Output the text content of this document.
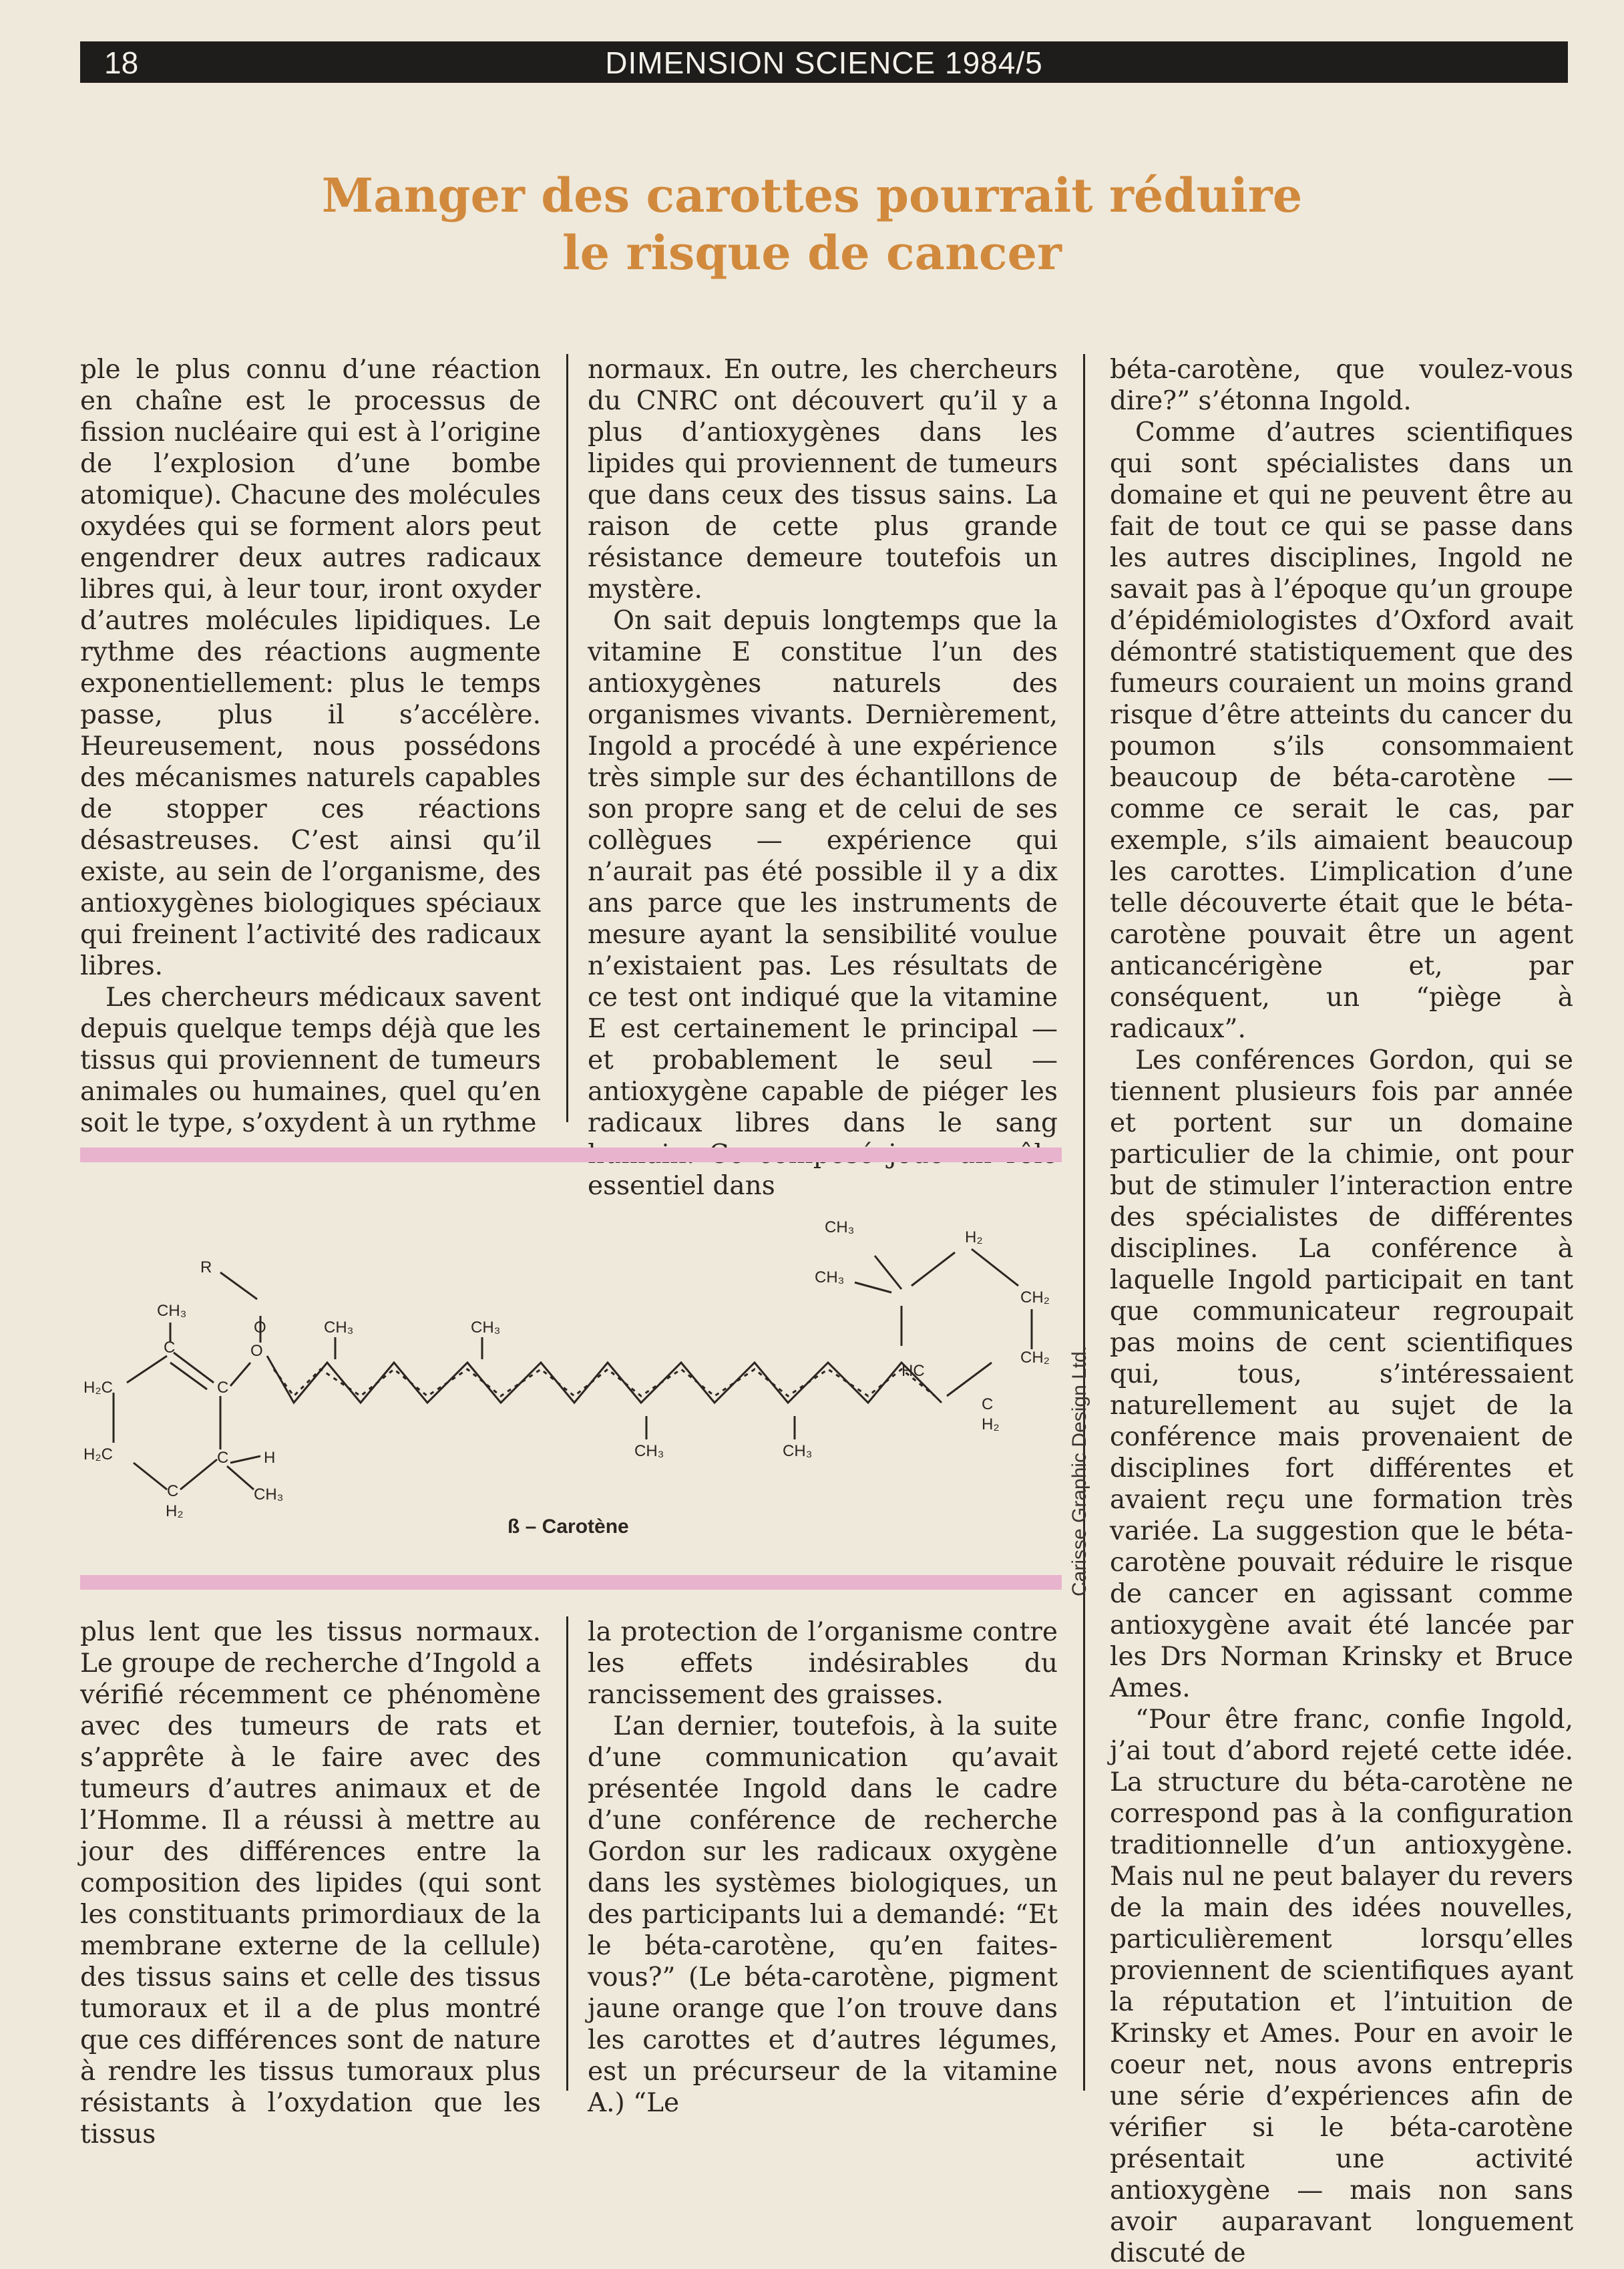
18	DIMENSION SCIENCE 1984/5
Manger des carottes pourrait réduire
le risque de cancer

ple le plus connu d’une réaction en chaîne est le processus de fission nucléaire qui est à l’origine de l’explosion d’une bombe atomique). Chacune des molécules oxydées qui se forment alors peut engendrer deux autres radicaux libres qui, à leur tour, iront oxyder d’autres molécules lipidiques. Le rythme des réactions augmente exponentiellement: plus le temps passe, plus il s’accélère. Heureusement, nous possédons des mécanismes naturels capables de stopper ces réactions désastreuses. C’est ainsi qu’il existe, au sein de l’organisme, des antioxygènes biologiques spéciaux qui freinent l’activité des radicaux libres.

Les chercheurs médicaux savent depuis quelque temps déjà que les tissus qui proviennent de tumeurs animales ou humaines, quel qu’en soit le type, s’oxydent à un rythme

normaux. En outre, les chercheurs du CNRC ont découvert qu’il y a plus d’antioxygènes dans les lipides qui proviennent de tumeurs que dans ceux des tissus sains. La raison de cette plus grande résistance demeure toutefois un mystère.

On sait depuis longtemps que la vitamine E constitue l’un des antioxygènes naturels des organismes vivants. Dernièrement, Ingold a procédé à une expérience très simple sur des échantillons de son propre sang et de celui de ses collègues — expérience qui n’aurait pas été possible il y a dix ans parce que les instruments de mesure ayant la sensibilité voulue n’existaient pas. Les résultats de ce test ont indiqué que la vitamine E est certainement le principal — et probablement le seul — antioxygène capable de piéger les radicaux libres dans le sang essentiel dans

béta-carotène, que voulez-vous dire?” s’étonna Ingold.

Comme d’autres scientifiques qui sont spécialistes dans un domaine et qui ne peuvent être au fait de tout ce qui se passe dans les autres disciplines, Ingold ne savait pas à l’époque qu’un groupe d’épidémiologistes d’Oxford avait démontré statistiquement que des fumeurs couraient un moins grand risque d’être atteints du cancer du poumon s’ils consommaient beaucoup de béta-carotène — comme ce serait le cas, par exemple, s’ils aimaient beaucoup les carottes. L’implication d’une telle découverte était que le béta-carotène pouvait être un agent anticancérigène et, par conséquent, un “piège à radicaux”.

Les conférences Gordon, qui se tiennent plusieurs fois par année et portent sur un domaine particulier de la chimie, ont pour but de stimuler l’interaction entre des spécialistes de différentes disciplines. La conférence à laquelle Ingold participait en tant que communicateur regroupait pas moins de cent scientifiques qui, tous, s’intéressaient naturellement au sujet de la conférence mais provenaient de disciplines fort différentes et avaient reçu une formation très variée. La suggestion que le béta-carotène pouvait réduire le risque de cancer en agissant comme antioxygène avait été lancée par les Drs Norman Krinsky et Bruce Ames.

“Pour être franc, confie Ingold, j’ai tout d’abord rejeté cette idée. La structure du béta-carotène ne correspond pas à la configuration traditionnelle d’un antioxygène. Mais nul ne peut balayer du revers de la main des idées nouvelles, particulièrement lorsqu’elles proviennent de scientifiques ayant la réputation et l’intuition de Krinsky et Ames. Pour en avoir le coeur net, nous avons entrepris une série d’expériences afin de vérifier si le béta-carotène présentait une activité antioxygène — mais non sans avoir auparavant longuement discuté de

R
O
O
CH₃
C
C
C H
CH₃
C
H₂
H₂C
H₂C
CH₃	CH₃
CH₃	CH₃
HC
CH₂
CH₂
H₂
CH₃
CH₃
C
H₂
ß – Carotène	Carisse Graphic Design Ltd.

plus lent que les tissus normaux. Le groupe de recherche d’Ingold a vérifié récemment ce phénomène avec des tumeurs de rats et s’apprête à le faire avec des tumeurs d’autres animaux et de l’Homme. Il a réussi à mettre au jour des différences entre la composition des lipides (qui sont les constituants primordiaux de la membrane externe de la cellule) des tissus sains et celle des tissus tumoraux et il a de plus montré que ces différences sont de nature à rendre les tissus tumoraux plus résistants à l’oxydation que les tissus

la protection de l’organisme contre les effets indésirables du rancissement des graisses.

L’an dernier, toutefois, à la suite d’une communication qu’avait présentée Ingold dans le cadre d’une conférence de recherche Gordon sur les radicaux oxygène dans les systèmes biologiques, un des participants lui a demandé: “Et le béta-carotène, qu’en faites-vous?” (Le béta-carotène, pigment jaune orange que l’on trouve dans les carottes et d’autres légumes, est un précurseur de la vitamine A.) “Le
